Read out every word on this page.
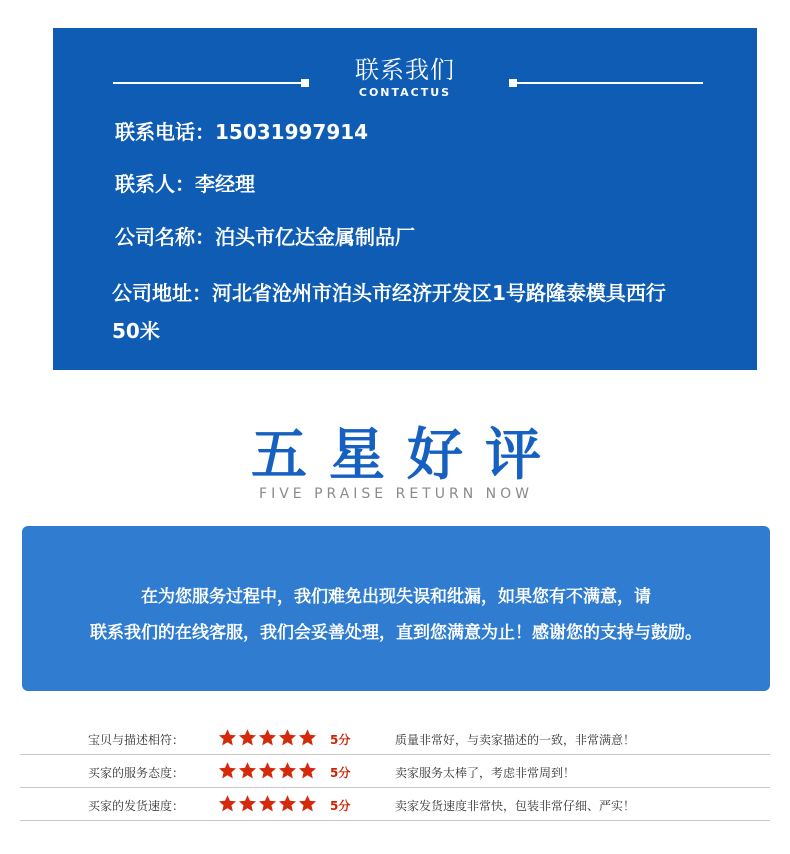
联系我们
CONTACTUS
联系电话：15031997914
联系人：李经理
公司名称：泊头市亿达金属制品厂
公司地址：河北省沧州市泊头市经济开发区1号路隆泰模具西行50米
五星好评
FIVE PRAISE RETURN NOW

在为您服务过程中，我们难免出现失误和纰漏，如果您有不满意，请

联系我们的在线客服，我们会妥善处理，直到您满意为止！感谢您的支持与鼓励。

宝贝与描述相符：	5分	质量非常好，与卖家描述的一致，非常满意！
买家的服务态度：	5分	卖家服务太棒了，考虑非常周到！
买家的发货速度：	5分	卖家发货速度非常快，包装非常仔细、严实！
